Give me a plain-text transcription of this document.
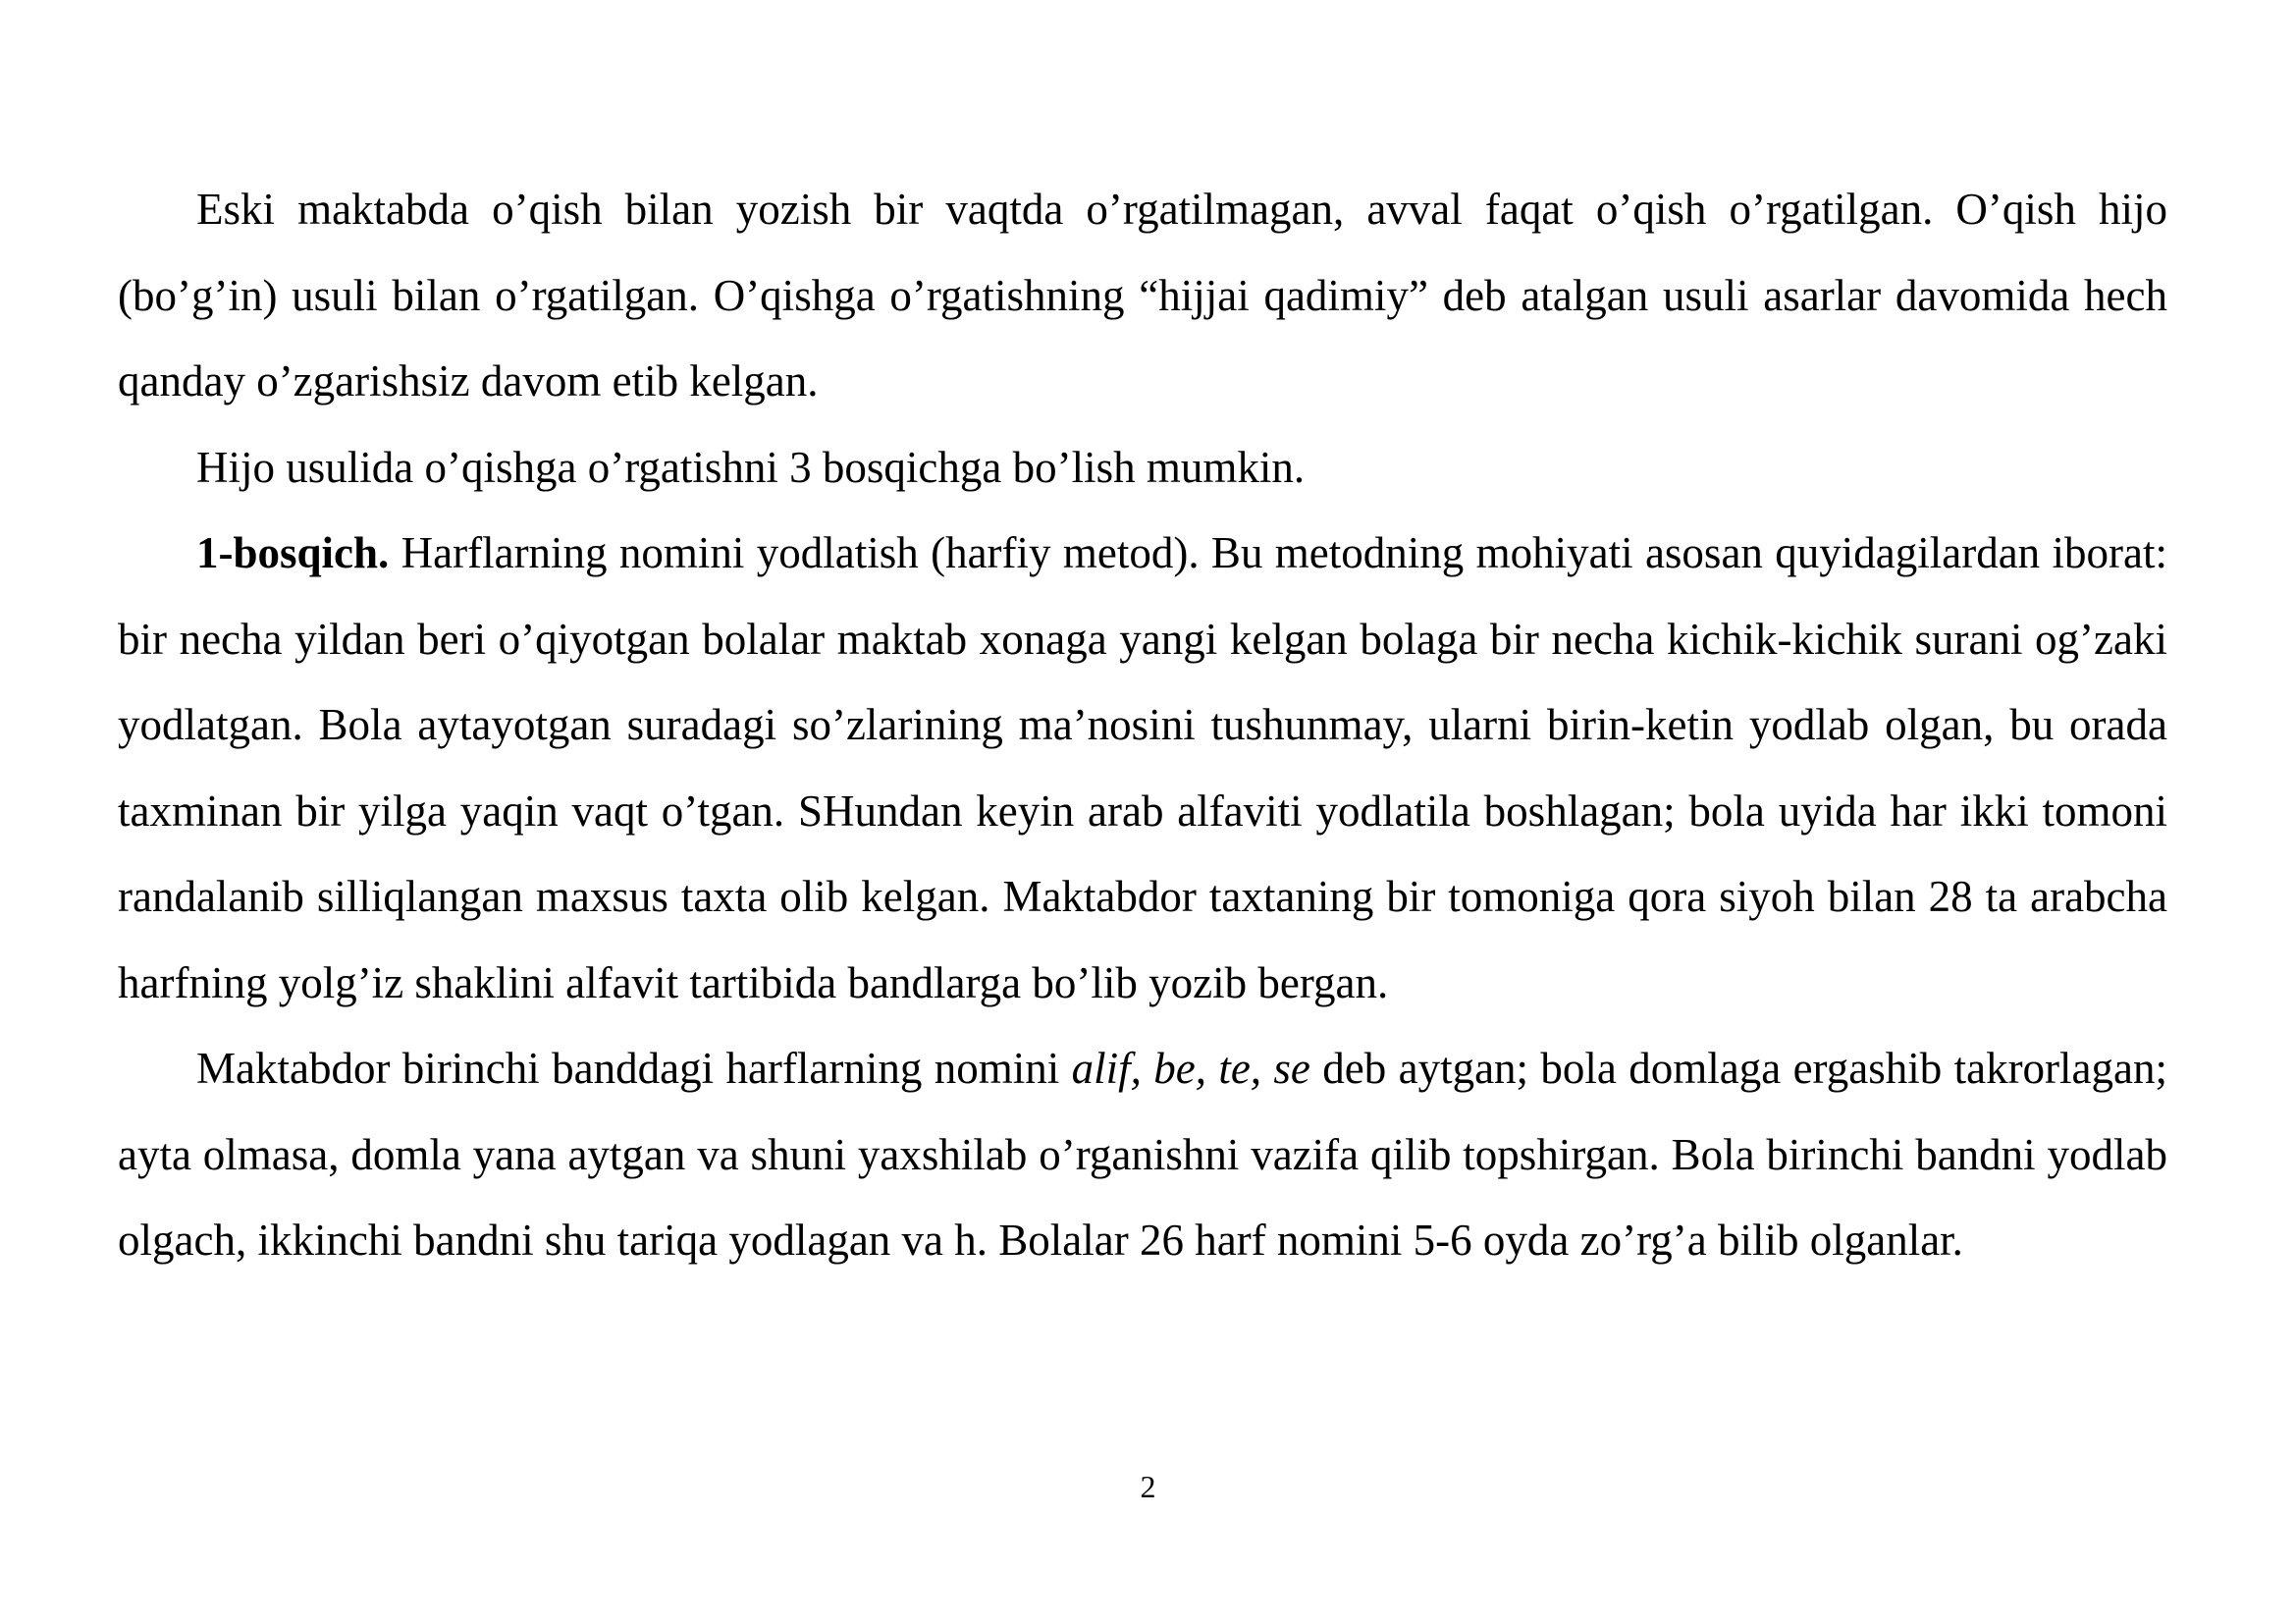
Eski maktabda o’qish bilan yozish bir vaqtda o’rgatilmagan, avval faqat o’qish o’rgatilgan. O’qish hijo (bo’g’in) usuli bilan o’rgatilgan. O’qishga o’rgatishning “hijjai qadimiy” deb atalgan usuli asarlar davomida hech qanday o’zgarishsiz davom etib kelgan.

Hijo usulida o’qishga o’rgatishni 3 bosqichga bo’lish mumkin.

1-bosqich. Harflarning nomini yodlatish (harfiy metod). Bu metodning mohiyati asosan quyidagilardan iborat: bir necha yildan beri o’qiyotgan bolalar maktab xonaga yangi kelgan bolaga bir necha kichik-kichik surani og’zaki yodlatgan. Bola aytayotgan suradagi so’zlarining ma’nosini tushunmay, ularni birin-ketin yodlab olgan, bu orada taxminan bir yilga yaqin vaqt o’tgan. SHundan keyin arab alfaviti yodlatila boshlagan; bola uyida har ikki tomoni randalanib silliqlangan maxsus taxta olib kelgan. Maktabdor taxtaning bir tomoniga qora siyoh bilan 28 ta arabcha harfning yolg’iz shaklini alfavit tartibida bandlarga bo’lib yozib bergan.

Maktabdor birinchi banddagi harflarning nomini alif, be, te, se deb aytgan; bola domlaga ergashib takrorlagan; ayta olmasa, domla yana aytgan va shuni yaxshilab o’rganishni vazifa qilib topshirgan. Bola birinchi bandni yodlab olgach, ikkinchi bandni shu tariqa yodlagan va h. Bolalar 26 harf nomini 5-6 oyda zo’rg’a bilib olganlar.

2
